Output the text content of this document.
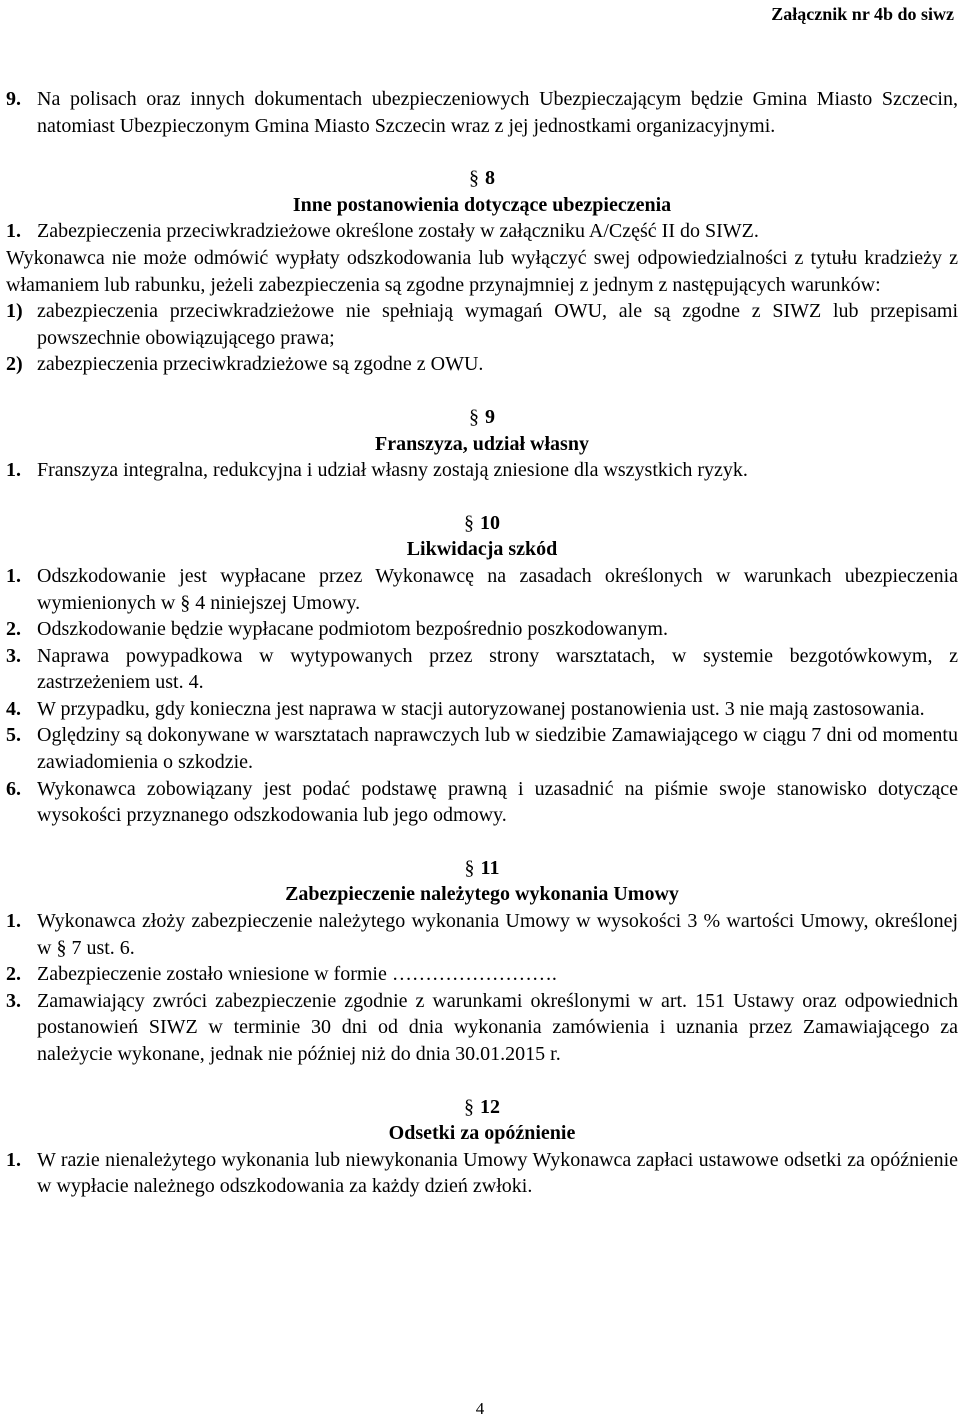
Załącznik nr 4b do siwz
9. Na polisach oraz innych dokumentach ubezpieczeniowych Ubezpieczającym będzie Gmina Miasto Szczecin, natomiast Ubezpieczonym Gmina Miasto Szczecin wraz z jej jednostkami organizacyjnymi.
§ 8
Inne postanowienia dotyczące ubezpieczenia
1. Zabezpieczenia przeciwkradzieżowe określone zostały w załączniku A/Część II do SIWZ.
Wykonawca nie może odmówić wypłaty odszkodowania lub wyłączyć swej odpowiedzialności z tytułu kradzieży z włamaniem lub rabunku, jeżeli zabezpieczenia są zgodne przynajmniej z jednym z następujących warunków:
1) zabezpieczenia przeciwkradzieżowe nie spełniają wymagań OWU, ale są zgodne z SIWZ lub przepisami powszechnie obowiązującego prawa;
2) zabezpieczenia przeciwkradzieżowe są zgodne z OWU.
§ 9
Franszyza, udział własny
1. Franszyza integralna, redukcyjna i udział własny zostają zniesione dla wszystkich ryzyk.
§ 10
Likwidacja szkód
1. Odszkodowanie jest wypłacane przez Wykonawcę na zasadach określonych w warunkach ubezpieczenia wymienionych w § 4 niniejszej Umowy.
2. Odszkodowanie będzie wypłacane podmiotom bezpośrednio poszkodowanym.
3. Naprawa powypadkowa w wytypowanych przez strony warsztatach, w systemie bezgotówkowym, z zastrzeżeniem ust. 4.
4. W przypadku, gdy konieczna jest naprawa w stacji autoryzowanej postanowienia ust. 3 nie mają zastosowania.
5. Oględziny są dokonywane w warsztatach naprawczych lub w siedzibie Zamawiającego w ciągu 7 dni od momentu zawiadomienia o szkodzie.
6. Wykonawca zobowiązany jest podać podstawę prawną i uzasadnić na piśmie swoje stanowisko dotyczące wysokości przyznanego odszkodowania lub jego odmowy.
§ 11
Zabezpieczenie należytego wykonania Umowy
1. Wykonawca złoży zabezpieczenie należytego wykonania Umowy w wysokości 3 % wartości Umowy, określonej w § 7 ust. 6.
2. Zabezpieczenie zostało wniesione w formie …………………….
3. Zamawiający zwróci zabezpieczenie zgodnie z warunkami określonymi w art. 151 Ustawy oraz odpowiednich postanowień SIWZ w terminie 30 dni od dnia wykonania zamówienia i uznania przez Zamawiającego za należycie wykonane, jednak nie później niż do dnia 30.01.2015 r.
§ 12
Odsetki za opóźnienie
1. W razie nienależytego wykonania lub niewykonania Umowy Wykonawca zapłaci ustawowe odsetki za opóźnienie w wypłacie należnego odszkodowania za każdy dzień zwłoki.
4
